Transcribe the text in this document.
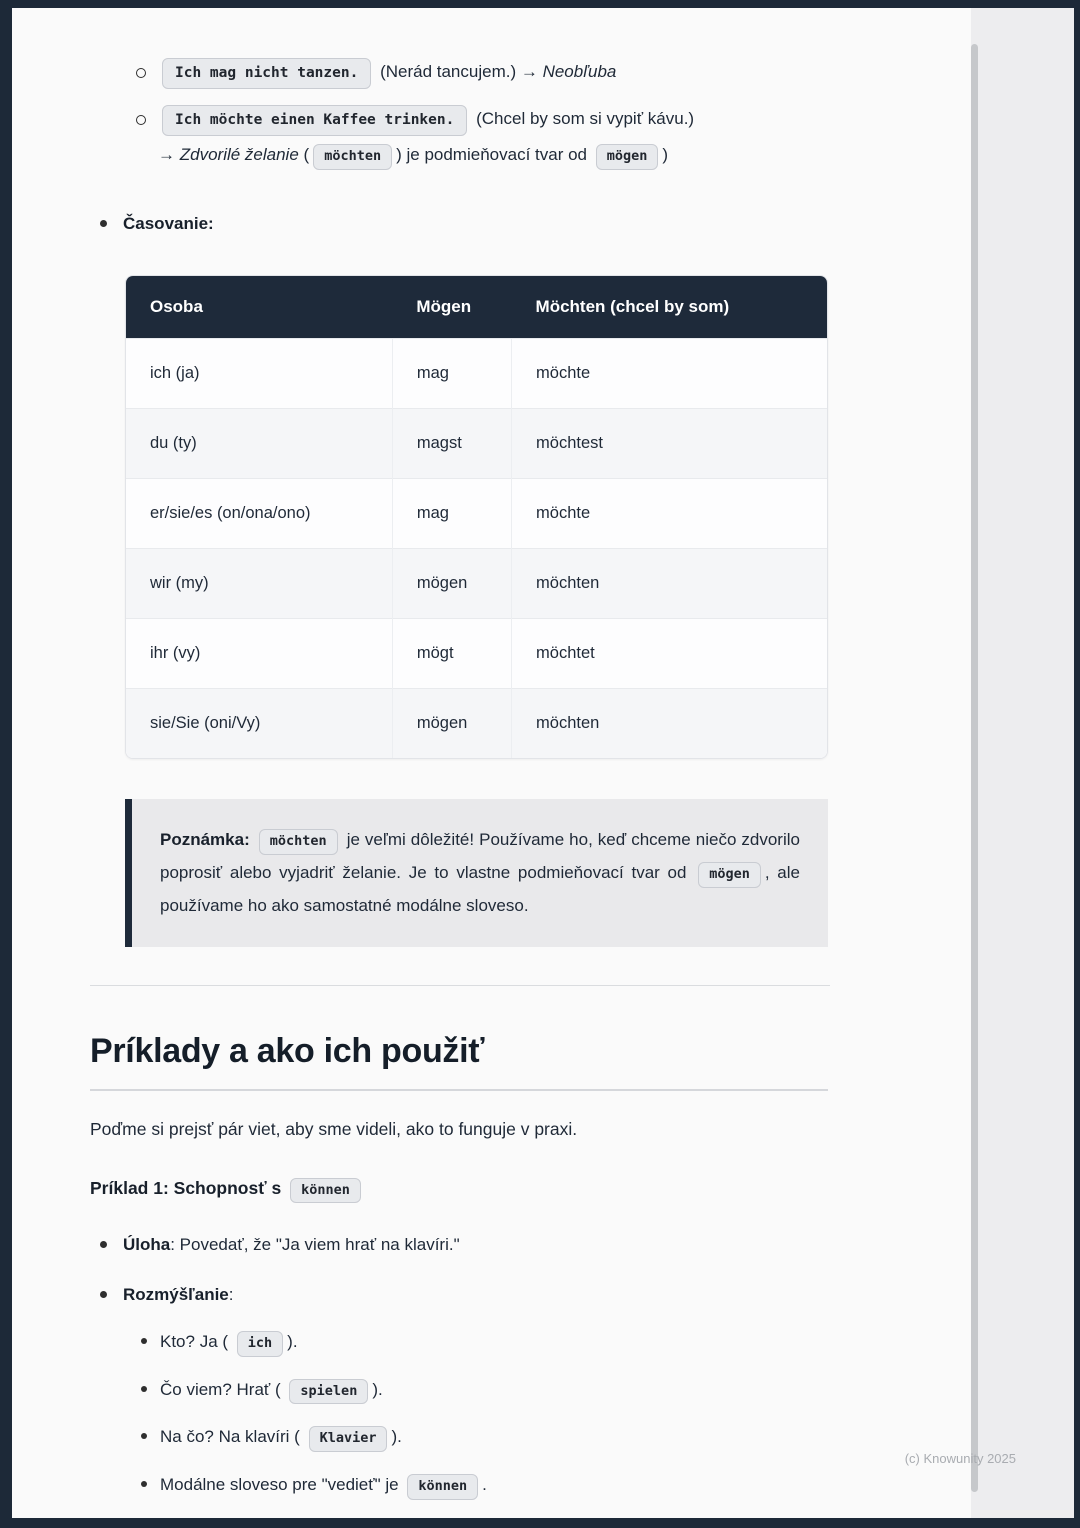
Ich mag nicht tanzen. (Nerád tancujem.) → Neobľuba
Ich möchte einen Kaffee trinken. (Chcel by som si vypiť kávu.)
→ Zdvorilé želanie ( möchten ) je podmieňovací tvar od mögen )
Časovanie:
Osoba	Mögen	Möchten (chcel by som)
ich (ja)	mag	möchte
du (ty)	magst	möchtest
er/sie/es (on/ona/ono)	mag	möchte
wir (my)	mögen	möchten
ihr (vy)	mögt	möchtet
sie/Sie (oni/Vy)	mögen	möchten
Poznámka: möchten je veľmi dôležité! Používame ho, keď chceme niečo zdvorilo poprosiť alebo vyjadriť želanie. Je to vlastne podmieňovací tvar od mögen , ale používame ho ako samostatné modálne sloveso.
Príklady a ako ich použiť

Poďme si prejsť pár viet, aby sme videli, ako to funguje v praxi.

Príklad 1: Schopnosť s können

Úloha: Povedať, že "Ja viem hrať na klavíri."
Rozmýšľanie:
Kto? Ja ( ich ).
Čo viem? Hrať ( spielen ).
Na čo? Na klavíri ( Klavier ).
Modálne sloveso pre "vedieť" je können .
(c) Knowunity 2025
